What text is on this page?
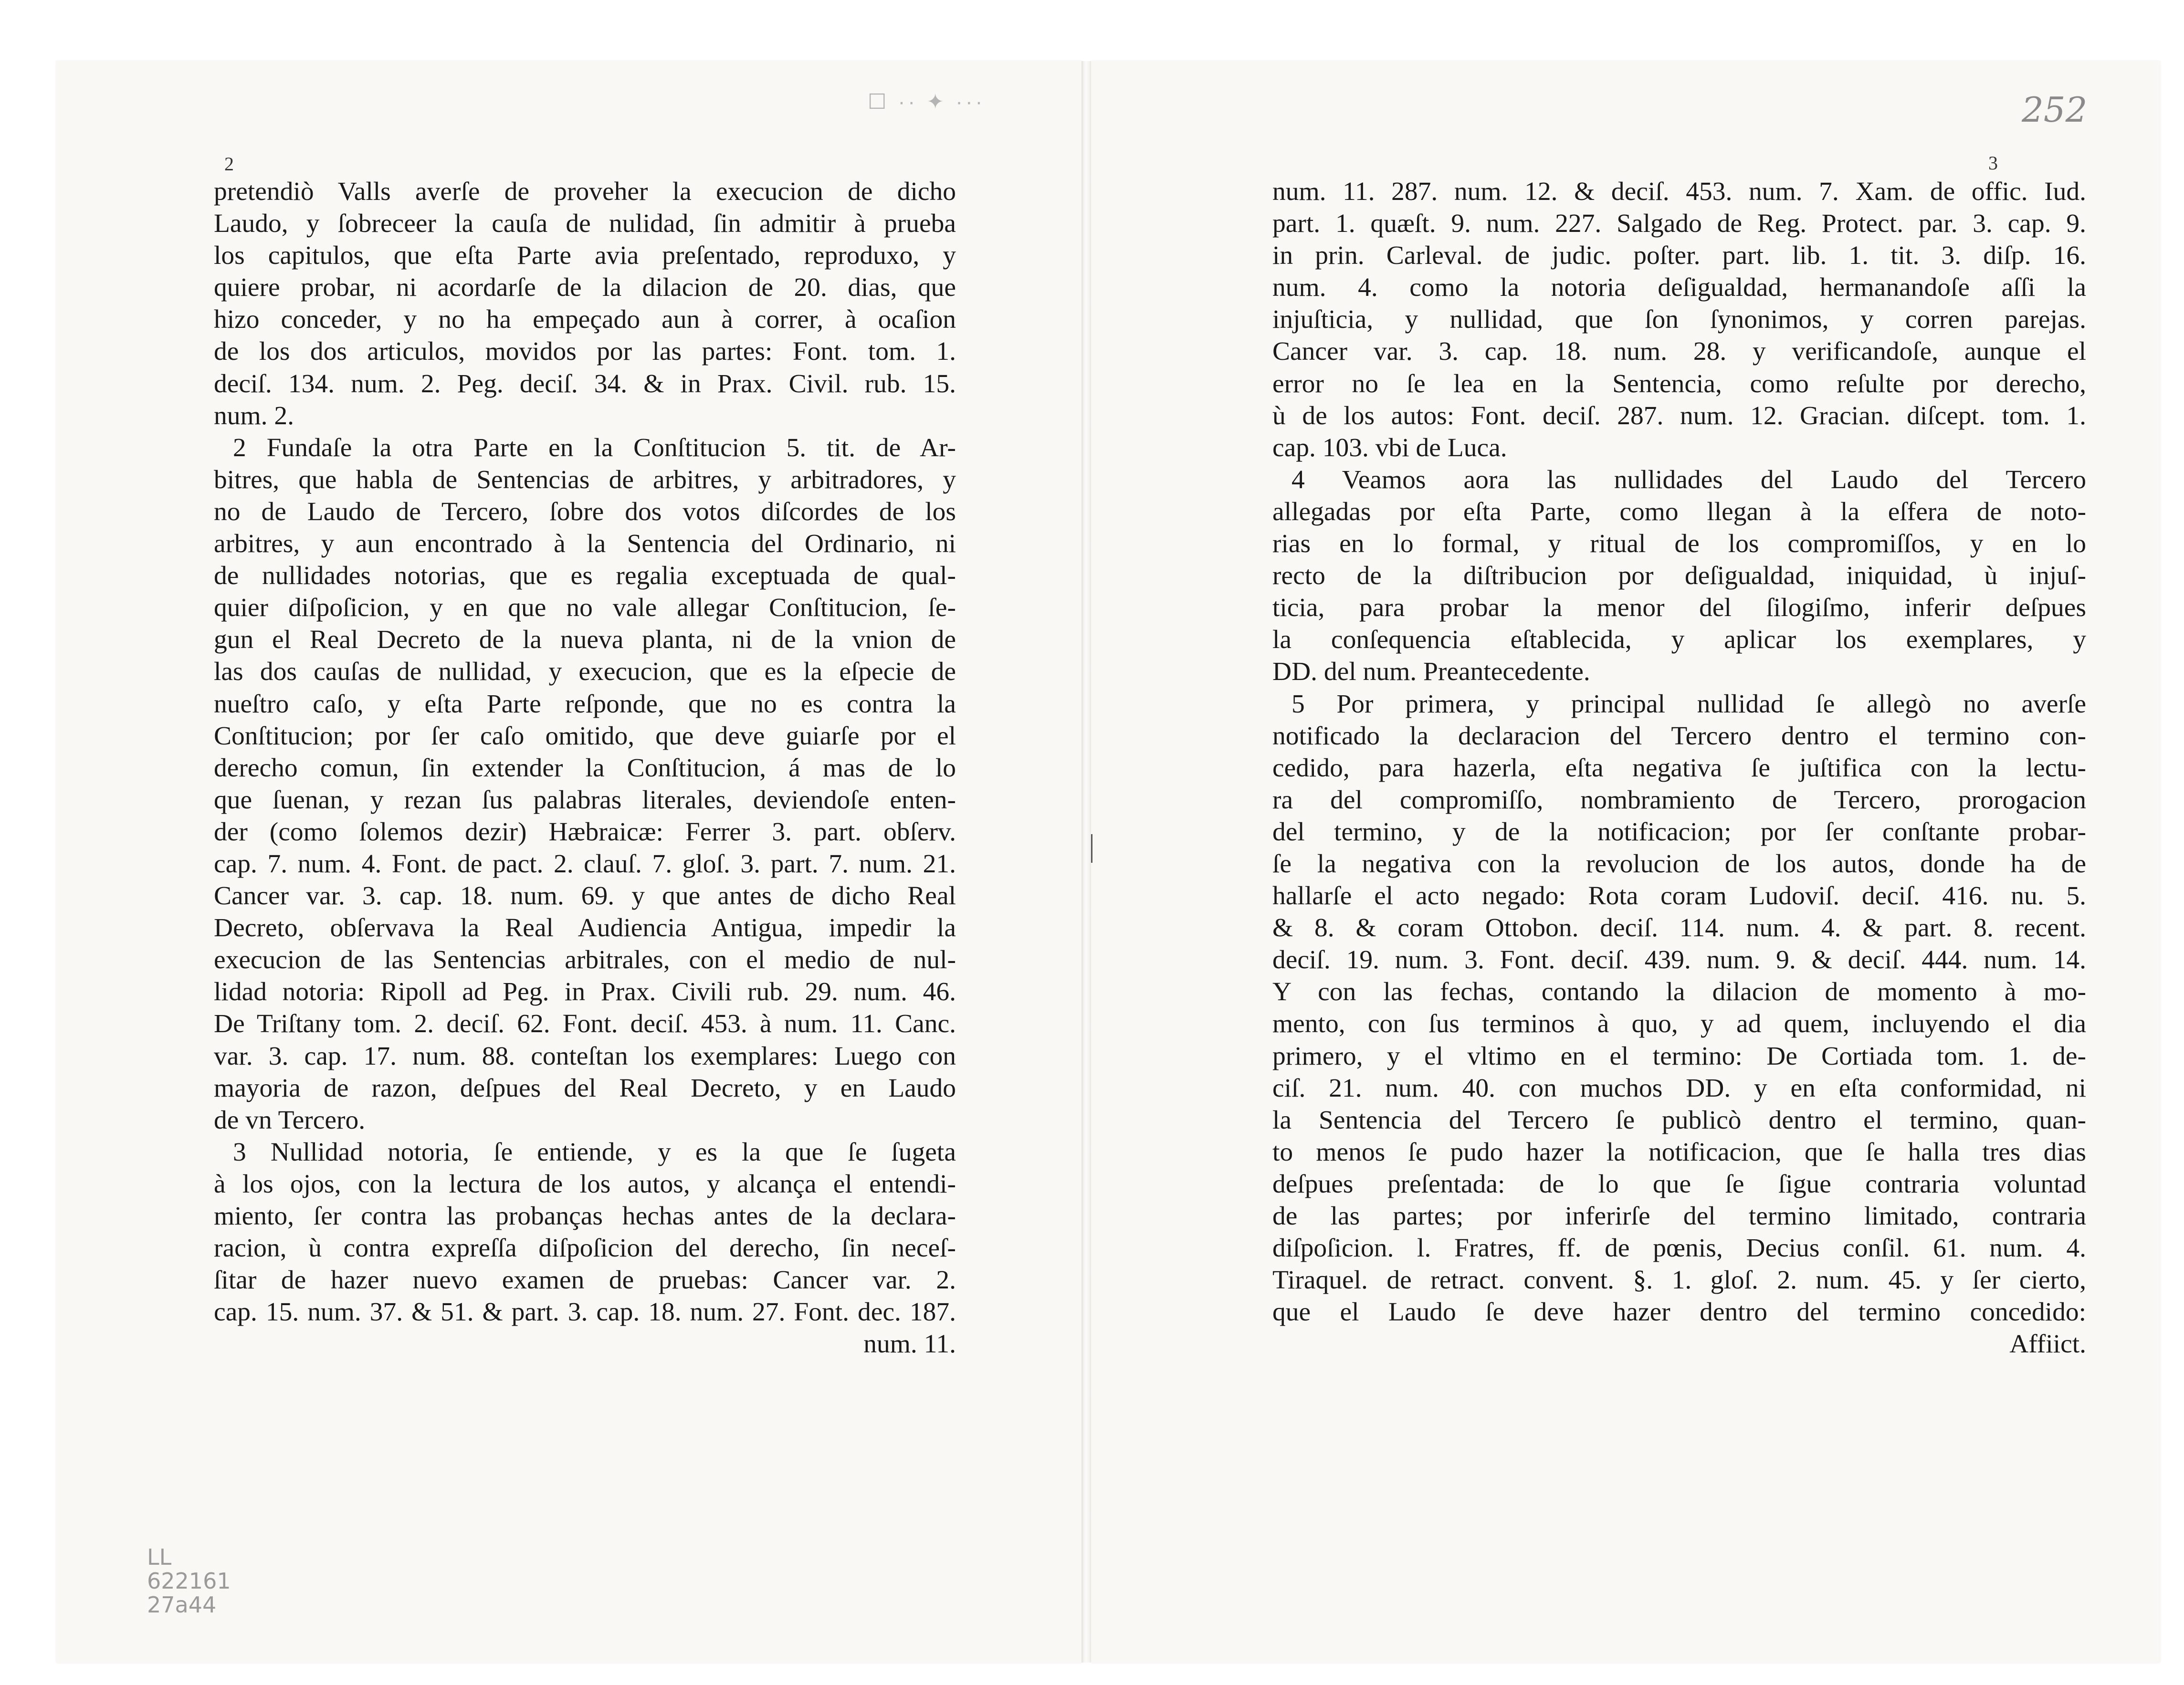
2
☐ ·· ✦ ···
pretendiò Valls averſe de proveher la execucion de dicho
Laudo, y ſobreceer la cauſa de nulidad, ſin admitir à prueba
los capitulos, que eſta Parte avia preſentado, reproduxo, y
quiere probar, ni acordarſe de la dilacion de 20. dias, que
hizo conceder, y no ha empeçado aun à correr, à ocaſion
de los dos articulos, movidos por las partes: Font. tom. 1.
deciſ. 134. num. 2. Peg. deciſ. 34. & in Prax. Civil. rub. 15.
num. 2.
2 Fundaſe la otra Parte en la Conſtitucion 5. tit. de Ar-
bitres, que habla de Sentencias de arbitres, y arbitradores, y
no de Laudo de Tercero, ſobre dos votos diſcordes de los
arbitres, y aun encontrado à la Sentencia del Ordinario, ni
de nullidades notorias, que es regalia exceptuada de qual-
quier diſpoſicion, y en que no vale allegar Conſtitucion, ſe-
gun el Real Decreto de la nueva planta, ni de la vnion de
las dos cauſas de nullidad, y execucion, que es la eſpecie de
nueſtro caſo, y eſta Parte reſponde, que no es contra la
Conſtitucion; por ſer caſo omitido, que deve guiarſe por el
derecho comun, ſin extender la Conſtitucion, á mas de lo
que ſuenan, y rezan ſus palabras literales, deviendoſe enten-
der (como ſolemos dezir) Hæbraicæ: Ferrer 3. part. obſerv.
cap. 7. num. 4. Font. de pact. 2. clauſ. 7. gloſ. 3. part. 7. num. 21.
Cancer var. 3. cap. 18. num. 69. y que antes de dicho Real
Decreto, obſervava la Real Audiencia Antigua, impedir la
execucion de las Sentencias arbitrales, con el medio de nul-
lidad notoria: Ripoll ad Peg. in Prax. Civili rub. 29. num. 46.
De Triſtany tom. 2. deciſ. 62. Font. deciſ. 453. à num. 11. Canc.
var. 3. cap. 17. num. 88. conteſtan los exemplares: Luego con
mayoria de razon, deſpues del Real Decreto, y en Laudo
de vn Tercero.
3 Nullidad notoria, ſe entiende, y es la que ſe ſugeta
à los ojos, con la lectura de los autos, y alcança el entendi-
miento, ſer contra las probanças hechas antes de la declara-
racion, ù contra expreſſa diſpoſicion del derecho, ſin neceſ-
ſitar de hazer nuevo examen de pruebas: Cancer var. 2.
cap. 15. num. 37. & 51. & part. 3. cap. 18. num. 27. Font. dec. 187.
num. 11.
LL
622161
27a44
252
3
num. 11. 287. num. 12. & deciſ. 453. num. 7. Xam. de offic. Iud.
part. 1. quæſt. 9. num. 227. Salgado de Reg. Protect. par. 3. cap. 9.
in prin. Carleval. de judic. poſter. part. lib. 1. tit. 3. diſp. 16.
num. 4. como la notoria deſigualdad, hermanandoſe aſſi la
injuſticia, y nullidad, que ſon ſynonimos, y corren parejas.
Cancer var. 3. cap. 18. num. 28. y verificandoſe, aunque el
error no ſe lea en la Sentencia, como reſulte por derecho,
ù de los autos: Font. deciſ. 287. num. 12. Gracian. diſcept. tom. 1.
cap. 103. vbi de Luca.
4 Veamos aora las nullidades del Laudo del Tercero
allegadas por eſta Parte, como llegan à la eſfera de noto-
rias en lo formal, y ritual de los compromiſſos, y en lo
recto de la diſtribucion por deſigualdad, iniquidad, ù injuſ-
ticia, para probar la menor del ſilogiſmo, inferir deſpues
la conſequencia eſtablecida, y aplicar los exemplares, y
DD. del num. Preantecedente.
5 Por primera, y principal nullidad ſe allegò no averſe
notificado la declaracion del Tercero dentro el termino con-
cedido, para hazerla, eſta negativa ſe juſtifica con la lectu-
ra del compromiſſo, nombramiento de Tercero, prorogacion
del termino, y de la notificacion; por ſer conſtante probar-
ſe la negativa con la revolucion de los autos, donde ha de
hallarſe el acto negado: Rota coram Ludoviſ. deciſ. 416. nu. 5.
& 8. & coram Ottobon. deciſ. 114. num. 4. & part. 8. recent.
deciſ. 19. num. 3. Font. deciſ. 439. num. 9. & deciſ. 444. num. 14.
Y con las fechas, contando la dilacion de momento à mo-
mento, con ſus terminos à quo, y ad quem, incluyendo el dia
primero, y el vltimo en el termino: De Cortiada tom. 1. de-
ciſ. 21. num. 40. con muchos DD. y en eſta conformidad, ni
la Sentencia del Tercero ſe publicò dentro el termino, quan-
to menos ſe pudo hazer la notificacion, que ſe halla tres dias
deſpues preſentada: de lo que ſe ſigue contraria voluntad
de las partes; por inferirſe del termino limitado, contraria
diſpoſicion. l. Fratres, ff. de pœnis, Decius conſil. 61. num. 4.
Tiraquel. de retract. convent. §. 1. gloſ. 2. num. 45. y ſer cierto,
que el Laudo ſe deve hazer dentro del termino concedido:
Affiict.
